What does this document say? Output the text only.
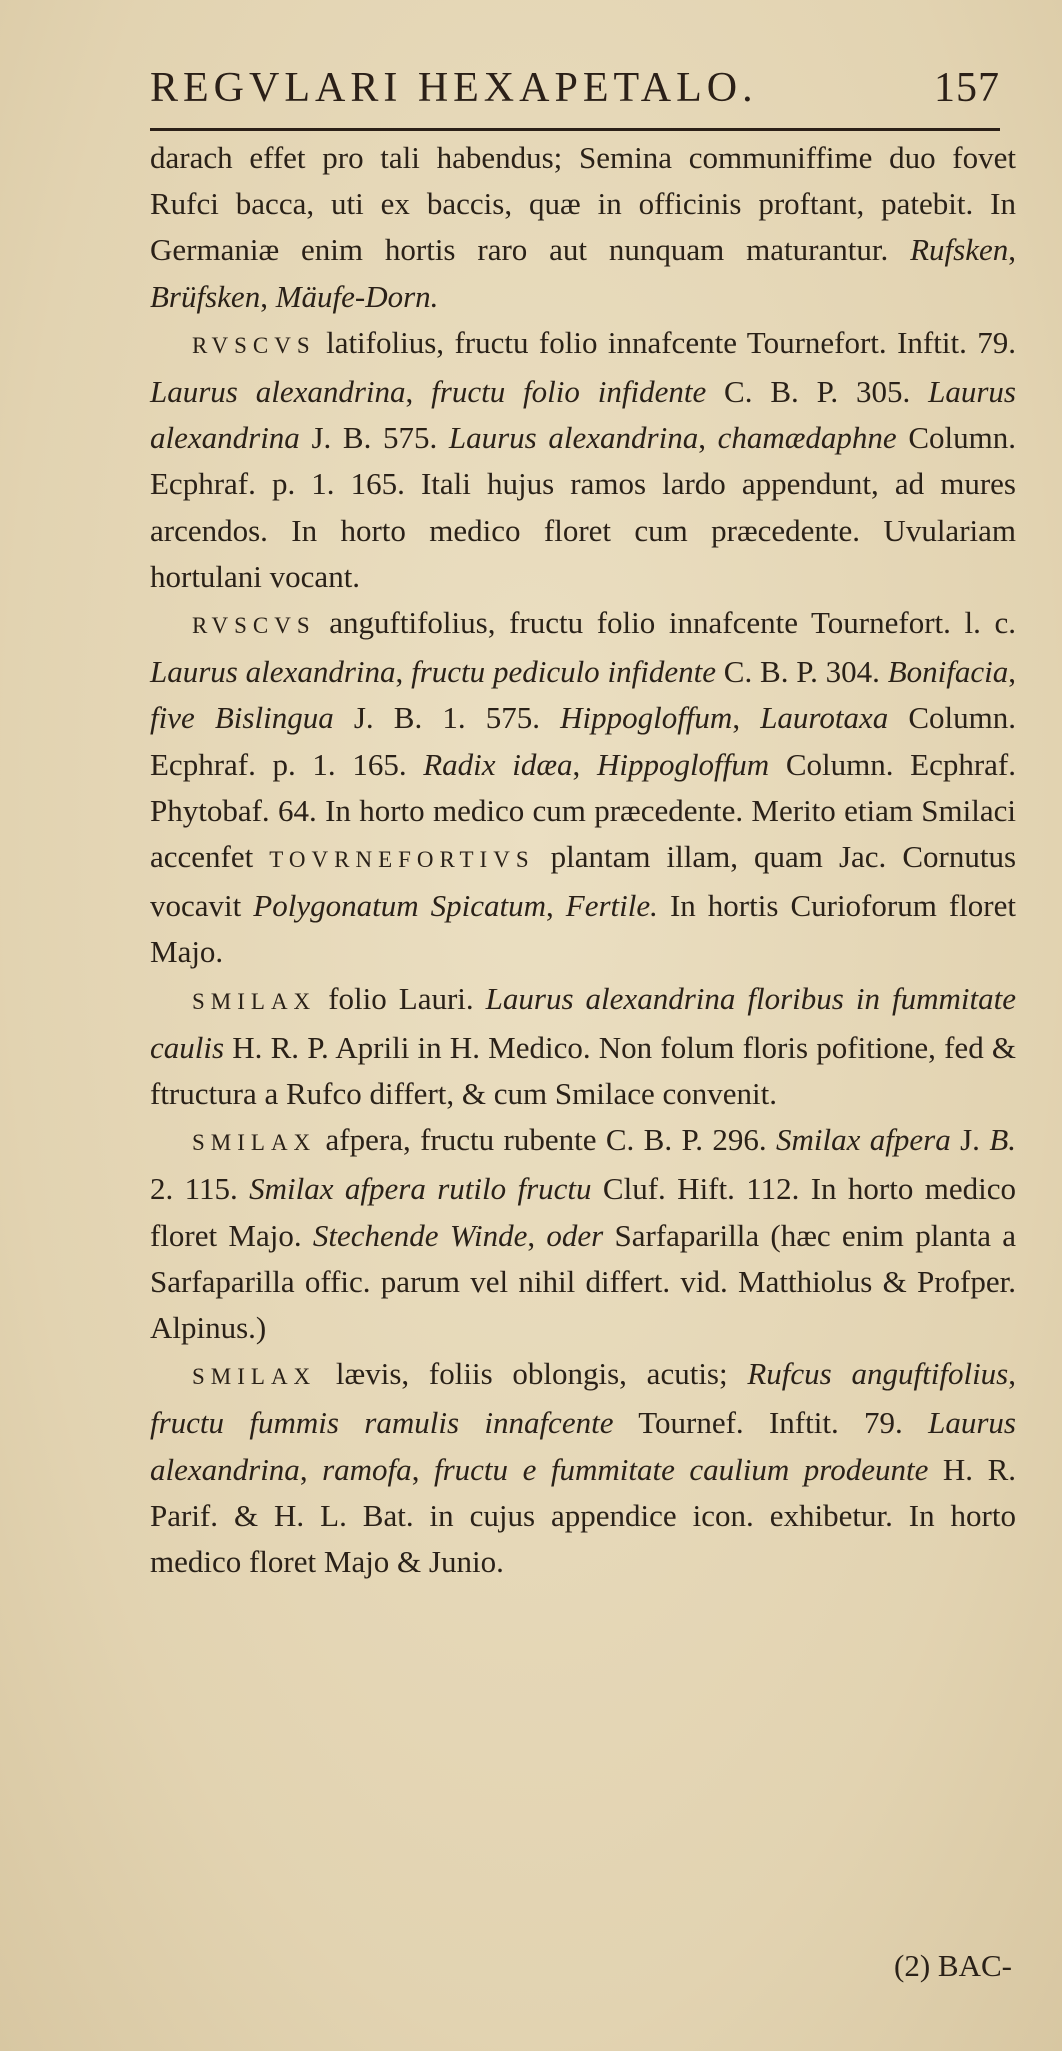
REGVLARI HEXAPETALO.	157

darach effet pro tali habendus; Semina communiffime duo fovet Rufci bacca, uti ex baccis, quæ in officinis proftant, patebit. In Germaniæ enim hortis raro aut nunquam maturantur. Rufsken, Brüfsken, Mäufe-Dorn.

RVSCVS latifolius, fructu folio innafcente Tournefort. Inftit. 79. Laurus alexandrina, fructu folio infidente C. B. P. 305. Laurus alexandrina J. B. 575. Laurus alexandrina, chamædaphne Column. Ecphraf. p. 1. 165. Itali hujus ramos lardo appendunt, ad mures arcendos. In horto medico floret cum præcedente. Uvulariam hortulani vocant.

RVSCVS anguftifolius, fructu folio innafcente Tournefort. l. c. Laurus alexandrina, fructu pediculo infidente C. B. P. 304. Bonifacia, five Bislingua J. B. 1. 575. Hippogloffum, Laurotaxa Column. Ecphraf. p. 1. 165. Radix idæa, Hippogloffum Column. Ecphraf. Phytobaf. 64. In horto medico cum præcedente. Merito etiam Smilaci accenfet TOVRNEFORTIVS plantam illam, quam Jac. Cornutus vocavit Polygonatum Spicatum, Fertile. In hortis Curioforum floret Majo.

SMILAX folio Lauri. Laurus alexandrina floribus in fummitate caulis H. R. P. Aprili in H. Medico. Non folum floris pofitione, fed & ftructura a Rufco differt, & cum Smilace convenit.

SMILAX afpera, fructu rubente C. B. P. 296. Smilax afpera J. B. 2. 115. Smilax afpera rutilo fructu Cluf. Hift. 112. In horto medico floret Majo. Stechende Winde, oder Sarfaparilla (hæc enim planta a Sarfaparilla offic. parum vel nihil differt. vid. Matthiolus & Profper. Alpinus.)

SMILAX lævis, foliis oblongis, acutis; Rufcus anguftifolius, fructu fummis ramulis innafcente Tournef. Inftit. 79. Laurus alexandrina, ramofa, fructu e fummitate caulium prodeunte H. R. Parif. & H. L. Bat. in cujus appendice icon. exhibetur. In horto medico floret Majo & Junio.

(2) BAC-
